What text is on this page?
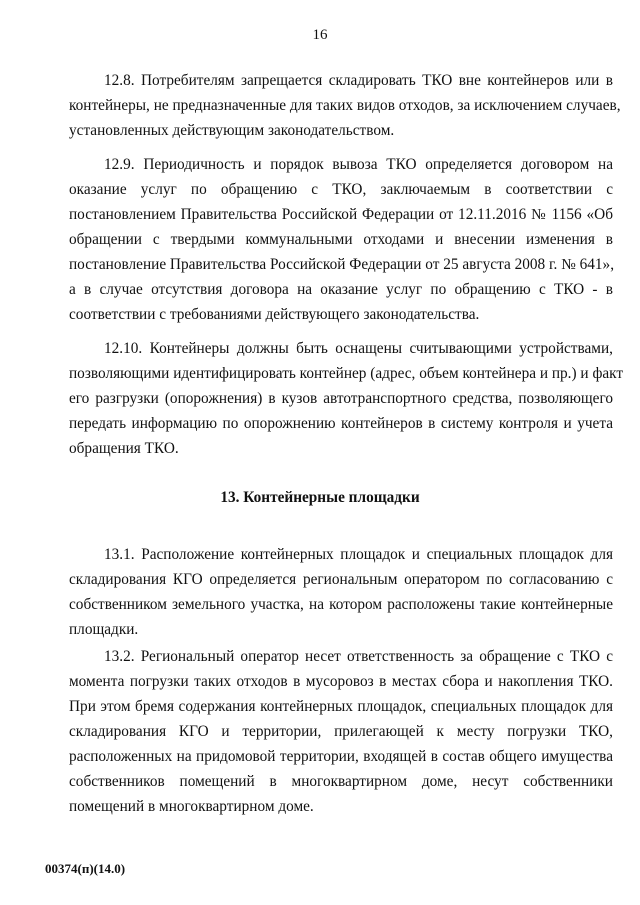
16
12.8. Потребителям запрещается складировать ТКО вне контейнеров или в
контейнеры, не предназначенные для таких видов отходов, за исключением случаев,
установленных действующим законодательством.
12.9. Периодичность и порядок вывоза ТКО определяется договором на
оказание услуг по обращению с ТКО, заключаемым в соответствии с
постановлением Правительства Российской Федерации от 12.11.2016 № 1156 «Об
обращении с твердыми коммунальными отходами и внесении изменения в
постановление Правительства Российской Федерации от 25 августа 2008 г. № 641»,
а в случае отсутствия договора на оказание услуг по обращению с ТКО - в
соответствии с требованиями действующего законодательства.
12.10. Контейнеры должны быть оснащены считывающими устройствами,
позволяющими идентифицировать контейнер (адрес, объем контейнера и пр.) и факт
его разгрузки (опорожнения) в кузов автотранспортного средства, позволяющего
передать информацию по опорожнению контейнеров в систему контроля и учета
обращения ТКО.
13. Контейнерные площадки
13.1. Расположение контейнерных площадок и специальных площадок для
складирования КГО определяется региональным оператором по согласованию с
собственником земельного участка, на котором расположены такие контейнерные
площадки.
13.2. Региональный оператор несет ответственность за обращение с ТКО с
момента погрузки таких отходов в мусоровоз в местах сбора и накопления ТКО.
При этом бремя содержания контейнерных площадок, специальных площадок для
складирования КГО и территории, прилегающей к месту погрузки ТКО,
расположенных на придомовой территории, входящей в состав общего имущества
собственников помещений в многоквартирном доме, несут собственники
помещений в многоквартирном доме.
00374(п)(14.0)
